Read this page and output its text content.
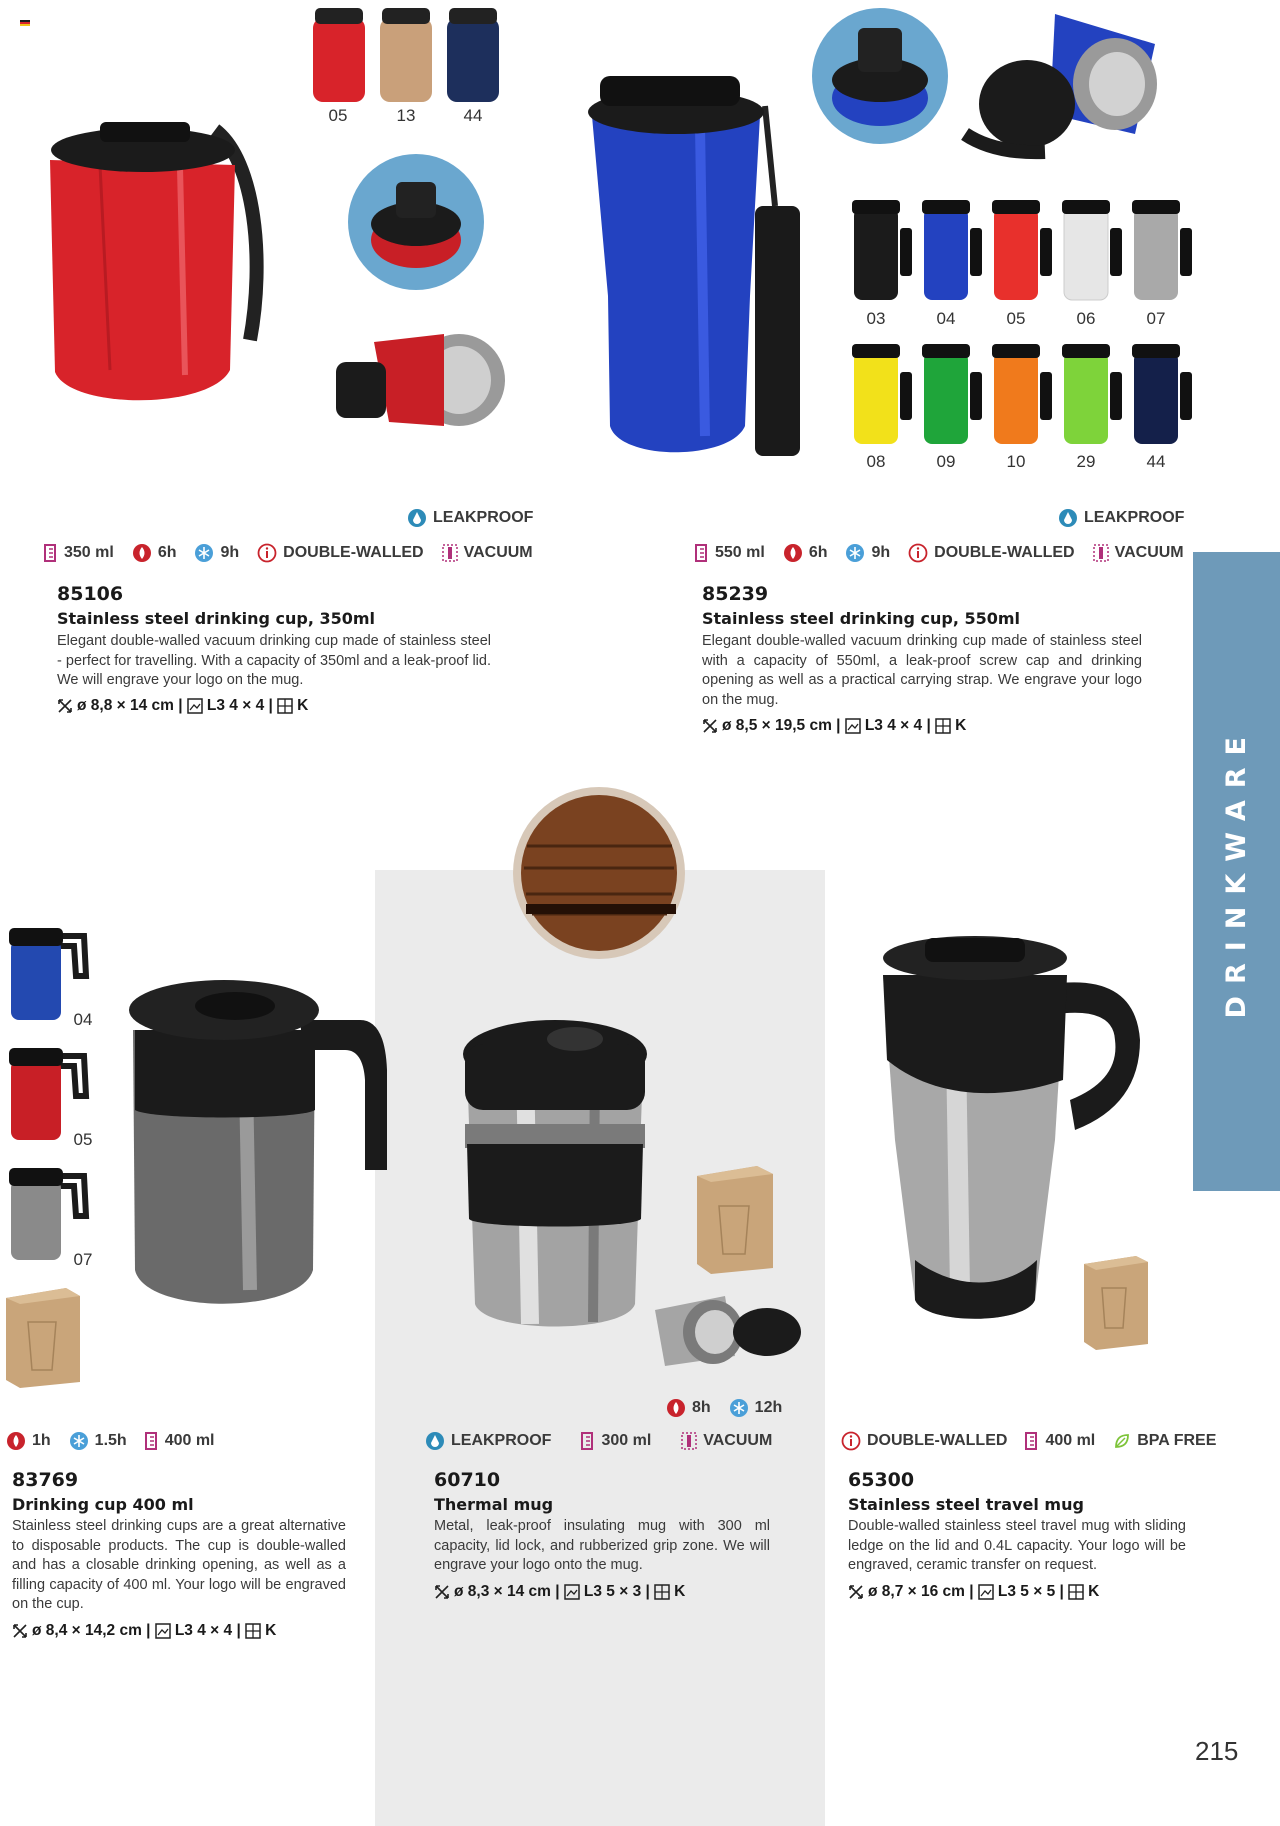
DRINKWARE
05	13	44
03	04	05	06	07
08	09	10	29	44
LEAKPROOF
350 ml	6h	9h	DOUBLE-WALLED	VACUUM
85106
Stainless steel drinking cup, 350ml
Elegant double-walled vacuum drinking cup made of stainless steel - perfect for travelling. With a capacity of 350ml and a leak-proof lid. We will engrave your logo on the mug.
ø 8,8 × 14 cm | L3 4 × 4 | K
LEAKPROOF
550 ml	6h	9h	DOUBLE-WALLED	VACUUM
85239
Stainless steel drinking cup, 550ml
Elegant double-walled vacuum drinking cup made of stainless steel with a capacity of 550ml, a leak-proof screw cap and drinking opening as well as a practical carrying strap. We engrave your logo on the mug.
ø 8,5 × 19,5 cm | L3 4 × 4 | K
04
05
07
1h	1.5h 400 ml
83769
Drinking cup 400 ml
Stainless steel drinking cups are a great alternative to disposable products. The cup is double-walled and has a closable drinking opening, as well as a filling capacity of 400 ml. Your logo will be engraved on the cup.
ø 8,4 × 14,2 cm | L3 4 × 4 | K
8h	12h
LEAKPROOF	300 ml	VACUUM
60710
Thermal mug
Metal, leak-proof insulating mug with 300 ml capacity, lid lock, and rubberized grip zone. We will engrave your logo onto the mug.
ø 8,3 × 14 cm | L3 5 × 3 | K
DOUBLE-WALLED 400 ml	BPA FREE
65300
Stainless steel travel mug
Double-walled stainless steel travel mug with sliding ledge on the lid and 0.4L capacity. Your logo will be engraved, ceramic transfer on request.
ø 8,7 × 16 cm | L3 5 × 5 | K
215
